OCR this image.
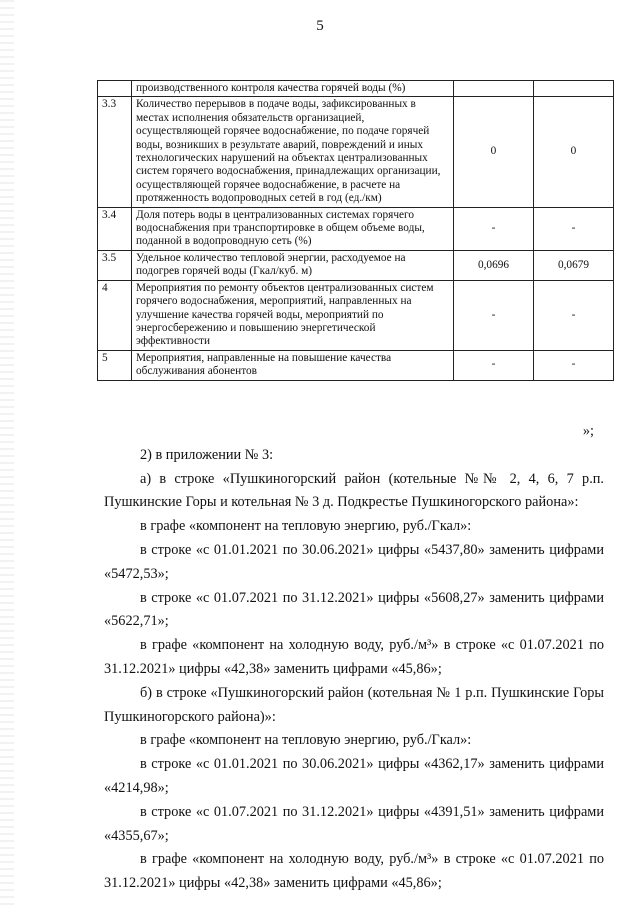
5
	производственного контроля качества горячей воды (%)		
3.3	Количество перерывов в подаче воды, зафиксированных в местах исполнения обязательств организацией, осуществляющей горячее водоснабжение, по подаче горячей воды, возникших в результате аварий, повреждений и иных технологических нарушений на объектах централизованных систем горячего водоснабжения, принадлежащих организации, осуществляющей горячее водоснабжение, в расчете на протяженность водопроводных сетей в год (ед./км)	0	0
3.4	Доля потерь воды в централизованных системах горячего водоснабжения при транспортировке в общем объеме воды, поданной в водопроводную сеть (%)	-	-
3.5	Удельное количество тепловой энергии, расходуемое на подогрев горячей воды (Гкал/куб. м)	0,0696	0,0679
4	Мероприятия по ремонту объектов централизованных систем горячего водоснабжения, мероприятий, направленных на улучшение качества горячей воды, мероприятий по энергосбережению и повышению энергетической эффективности	-	-
5	Мероприятия, направленные на повышение качества обслуживания абонентов	-	-

»;

2) в приложении № 3:

а) в строке «Пушкиногорский район (котельные №№ 2, 4, 6, 7 р.п. Пушкинские Горы и котельная № 3 д. Подкрестье Пушкиногорского района»:

в графе «компонент на тепловую энергию, руб./Гкал»:

в строке «с 01.01.2021 по 30.06.2021» цифры «5437,80» заменить цифрами «5472,53»;

в строке «с 01.07.2021 по 31.12.2021» цифры «5608,27» заменить цифрами «5622,71»;

в графе «компонент на холодную воду, руб./м³» в строке «с 01.07.2021 по 31.12.2021» цифры «42,38» заменить цифрами «45,86»;

б) в строке «Пушкиногорский район (котельная № 1 р.п. Пушкинские Горы Пушкиногорского района)»:

в графе «компонент на тепловую энергию, руб./Гкал»:

в строке «с 01.01.2021 по 30.06.2021» цифры «4362,17» заменить цифрами «4214,98»;

в строке «с 01.07.2021 по 31.12.2021» цифры «4391,51» заменить цифрами «4355,67»;

в графе «компонент на холодную воду, руб./м³» в строке «с 01.07.2021 по 31.12.2021» цифры «42,38» заменить цифрами «45,86»;
